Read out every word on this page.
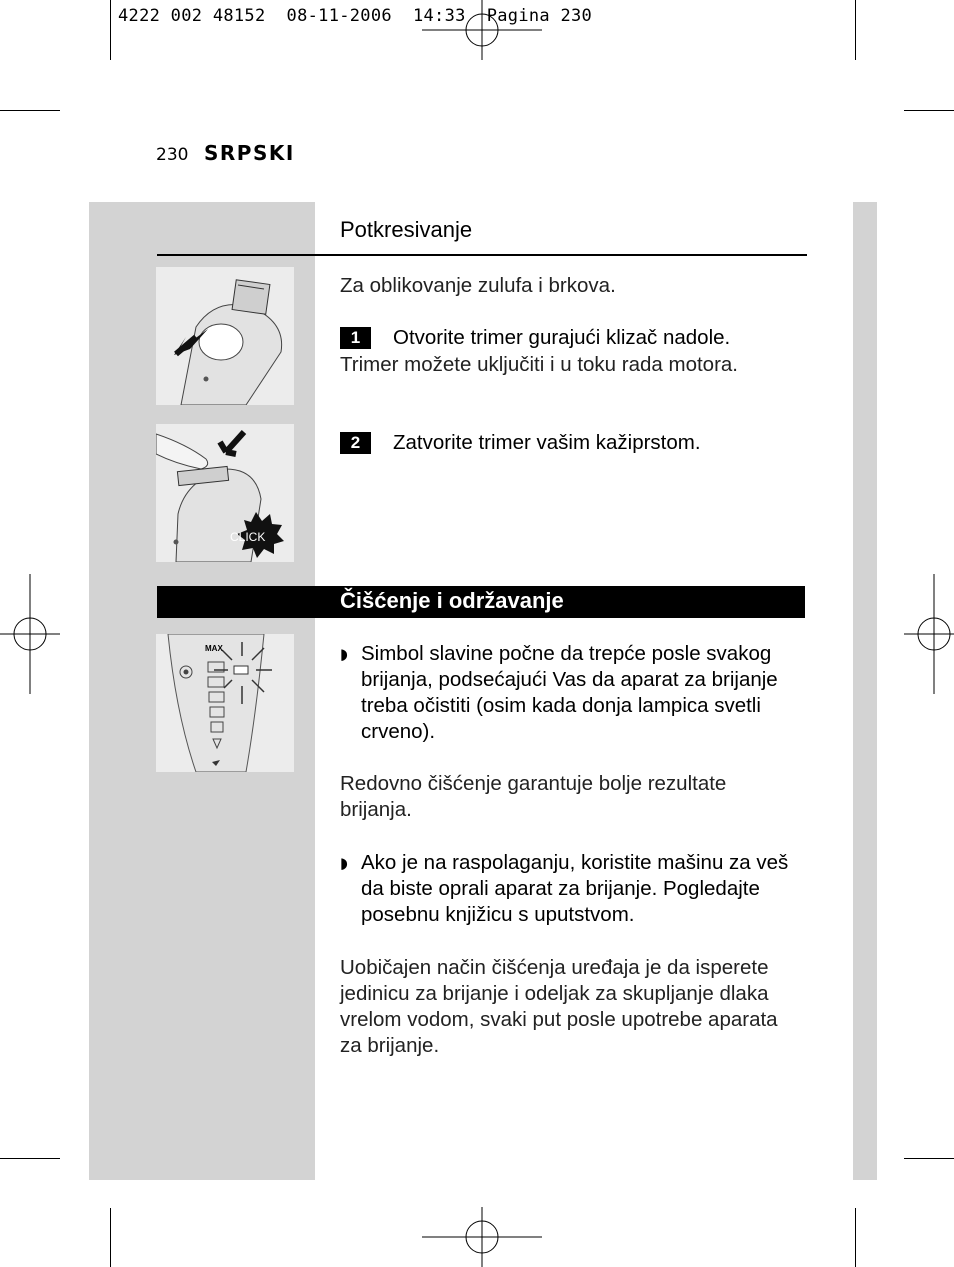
4222 002 48152  08-11-2006  14:33  Pagina 230
230 SRPSKI
Potkresivanje
Za oblikovanje zulufa i brkova.
1	Otvorite trimer gurajući klizač nadole.
Trimer možete uključiti i u toku rada motora.
2	Zatvorite trimer vašim kažiprstom.
CLICK
Čišćenje i održavanje
MAX	◗ Simbol slavine počne da trepće posle svakog
brijanja, podsećajući Vas da aparat za brijanje
treba očistiti (osim kada donja lampica svetli
crveno).
Redovno čišćenje garantuje bolje rezultate
brijanja.
◗ Ako je na raspolaganju, koristite mašinu za veš
da biste oprali aparat za brijanje. Pogledajte
posebnu knjižicu s uputstvom.
Uobičajen način čišćenja uređaja je da isperete
jedinicu za brijanje i odeljak za skupljanje dlaka
vrelom vodom, svaki put posle upotrebe aparata
za brijanje.
